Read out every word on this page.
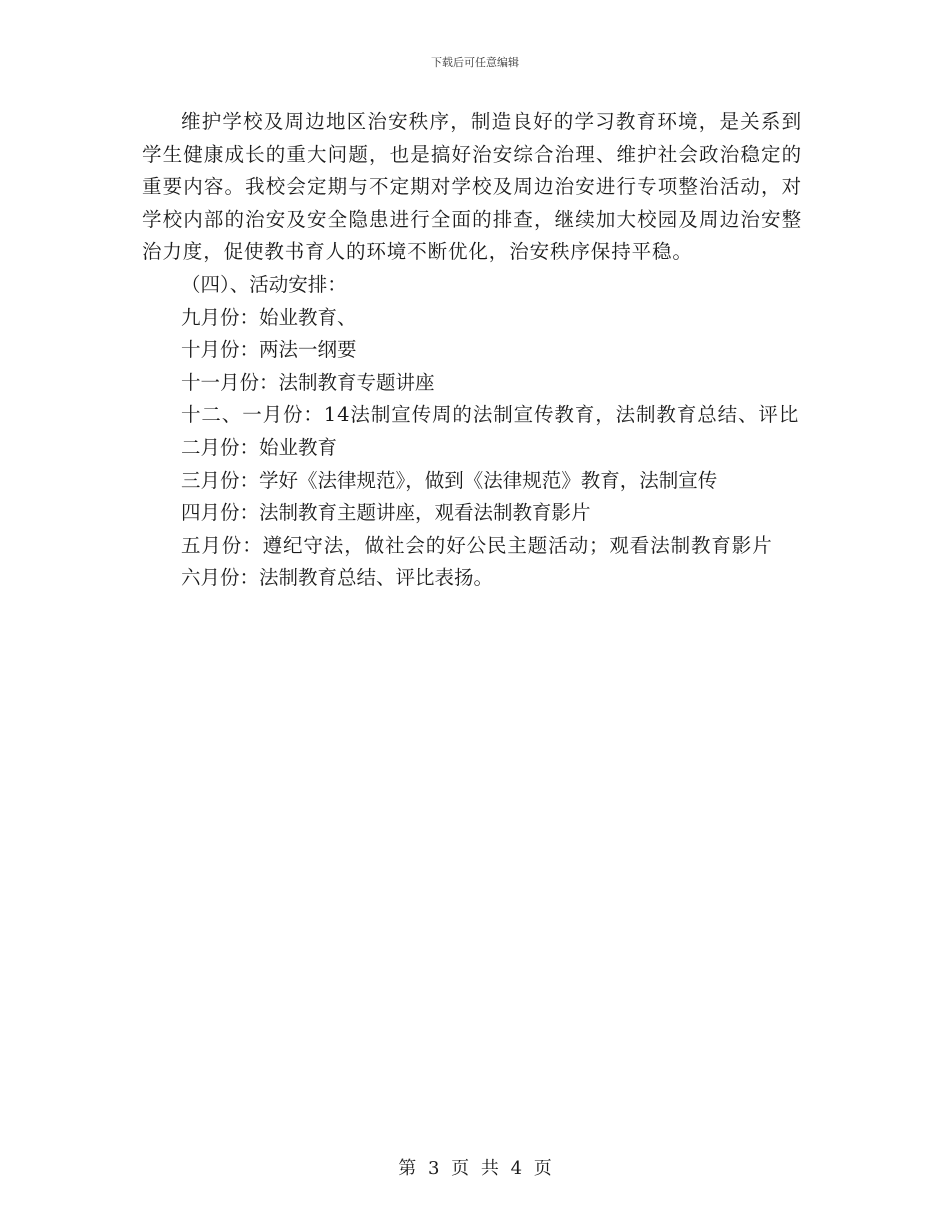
下载后可任意编辑

维护学校及周边地区治安秩序，制造良好的学习教育环境，是关系到学生健康成长的重大问题，也是搞好治安综合治理、维护社会政治稳定的重要内容。我校会定期与不定期对学校及周边治安进行专项整治活动，对学校内部的治安及安全隐患进行全面的排查，继续加大校园及周边治安整治力度，促使教书育人的环境不断优化，治安秩序保持平稳。

（四）、活动安排：

九月份：始业教育、

十月份：两法一纲要

十一月份：法制教育专题讲座

十二、一月份：14法制宣传周的法制宣传教育，法制教育总结、评比

二月份：始业教育

三月份：学好《法律规范》，做到《法律规范》教育，法制宣传

四月份：法制教育主题讲座，观看法制教育影片

五月份：遵纪守法，做社会的好公民主题活动；观看法制教育影片

六月份：法制教育总结、评比表扬。

第 3 页 共 4 页
